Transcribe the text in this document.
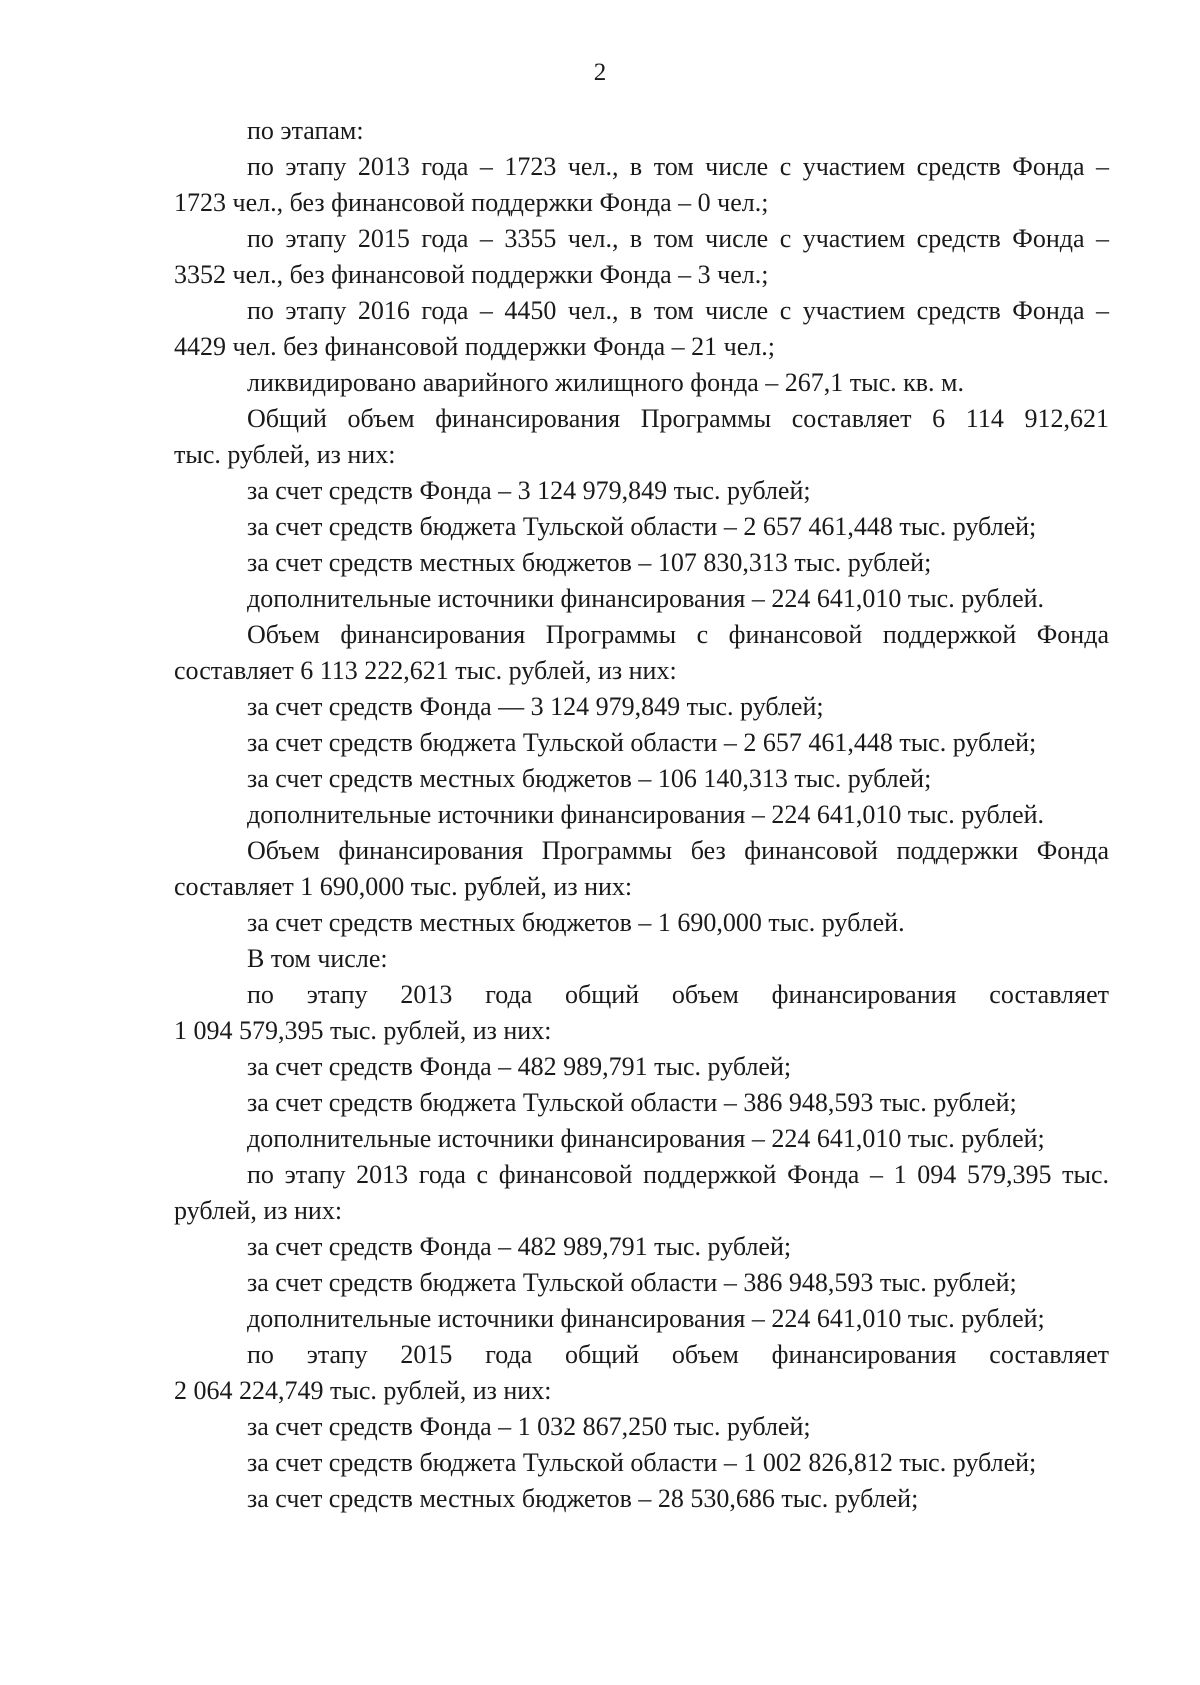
2
по этапам:
по этапу 2013 года – 1723 чел., в том числе с участием средств Фонда –
1723 чел., без финансовой поддержки Фонда – 0 чел.;
по этапу 2015 года – 3355 чел., в том числе с участием средств Фонда –
3352 чел., без финансовой поддержки Фонда – 3 чел.;
по этапу 2016 года – 4450 чел., в том числе с участием средств Фонда –
4429 чел. без финансовой поддержки Фонда – 21 чел.;
ликвидировано аварийного жилищного фонда – 267,1 тыс. кв. м.
Общий объем финансирования Программы составляет 6 114 912,621
тыс. рублей, из них:
за счет средств Фонда – 3 124 979,849 тыс. рублей;
за счет средств бюджета Тульской области – 2 657 461,448 тыс. рублей;
за счет средств местных бюджетов – 107 830,313 тыс. рублей;
дополнительные источники финансирования – 224 641,010 тыс. рублей.
Объем финансирования Программы с финансовой поддержкой Фонда
составляет 6 113 222,621 тыс. рублей, из них:
за счет средств Фонда — 3 124 979,849 тыс. рублей;
за счет средств бюджета Тульской области – 2 657 461,448 тыс. рублей;
за счет средств местных бюджетов – 106 140,313 тыс. рублей;
дополнительные источники финансирования – 224 641,010 тыс. рублей.
Объем финансирования Программы без финансовой поддержки Фонда
составляет 1 690,000 тыс. рублей, из них:
за счет средств местных бюджетов – 1 690,000 тыс. рублей.
В том числе:
по этапу 2013 года общий объем финансирования составляет
1 094 579,395 тыс. рублей, из них:
за счет средств Фонда – 482 989,791 тыс. рублей;
за счет средств бюджета Тульской области – 386 948,593 тыс. рублей;
дополнительные источники финансирования – 224 641,010 тыс. рублей;
по этапу 2013 года с финансовой поддержкой Фонда – 1 094 579,395 тыс.
рублей, из них:
за счет средств Фонда – 482 989,791 тыс. рублей;
за счет средств бюджета Тульской области – 386 948,593 тыс. рублей;
дополнительные источники финансирования – 224 641,010 тыс. рублей;
по этапу 2015 года общий объем финансирования составляет
2 064 224,749 тыс. рублей, из них:
за счет средств Фонда – 1 032 867,250 тыс. рублей;
за счет средств бюджета Тульской области – 1 002 826,812 тыс. рублей;
за счет средств местных бюджетов – 28 530,686 тыс. рублей;
